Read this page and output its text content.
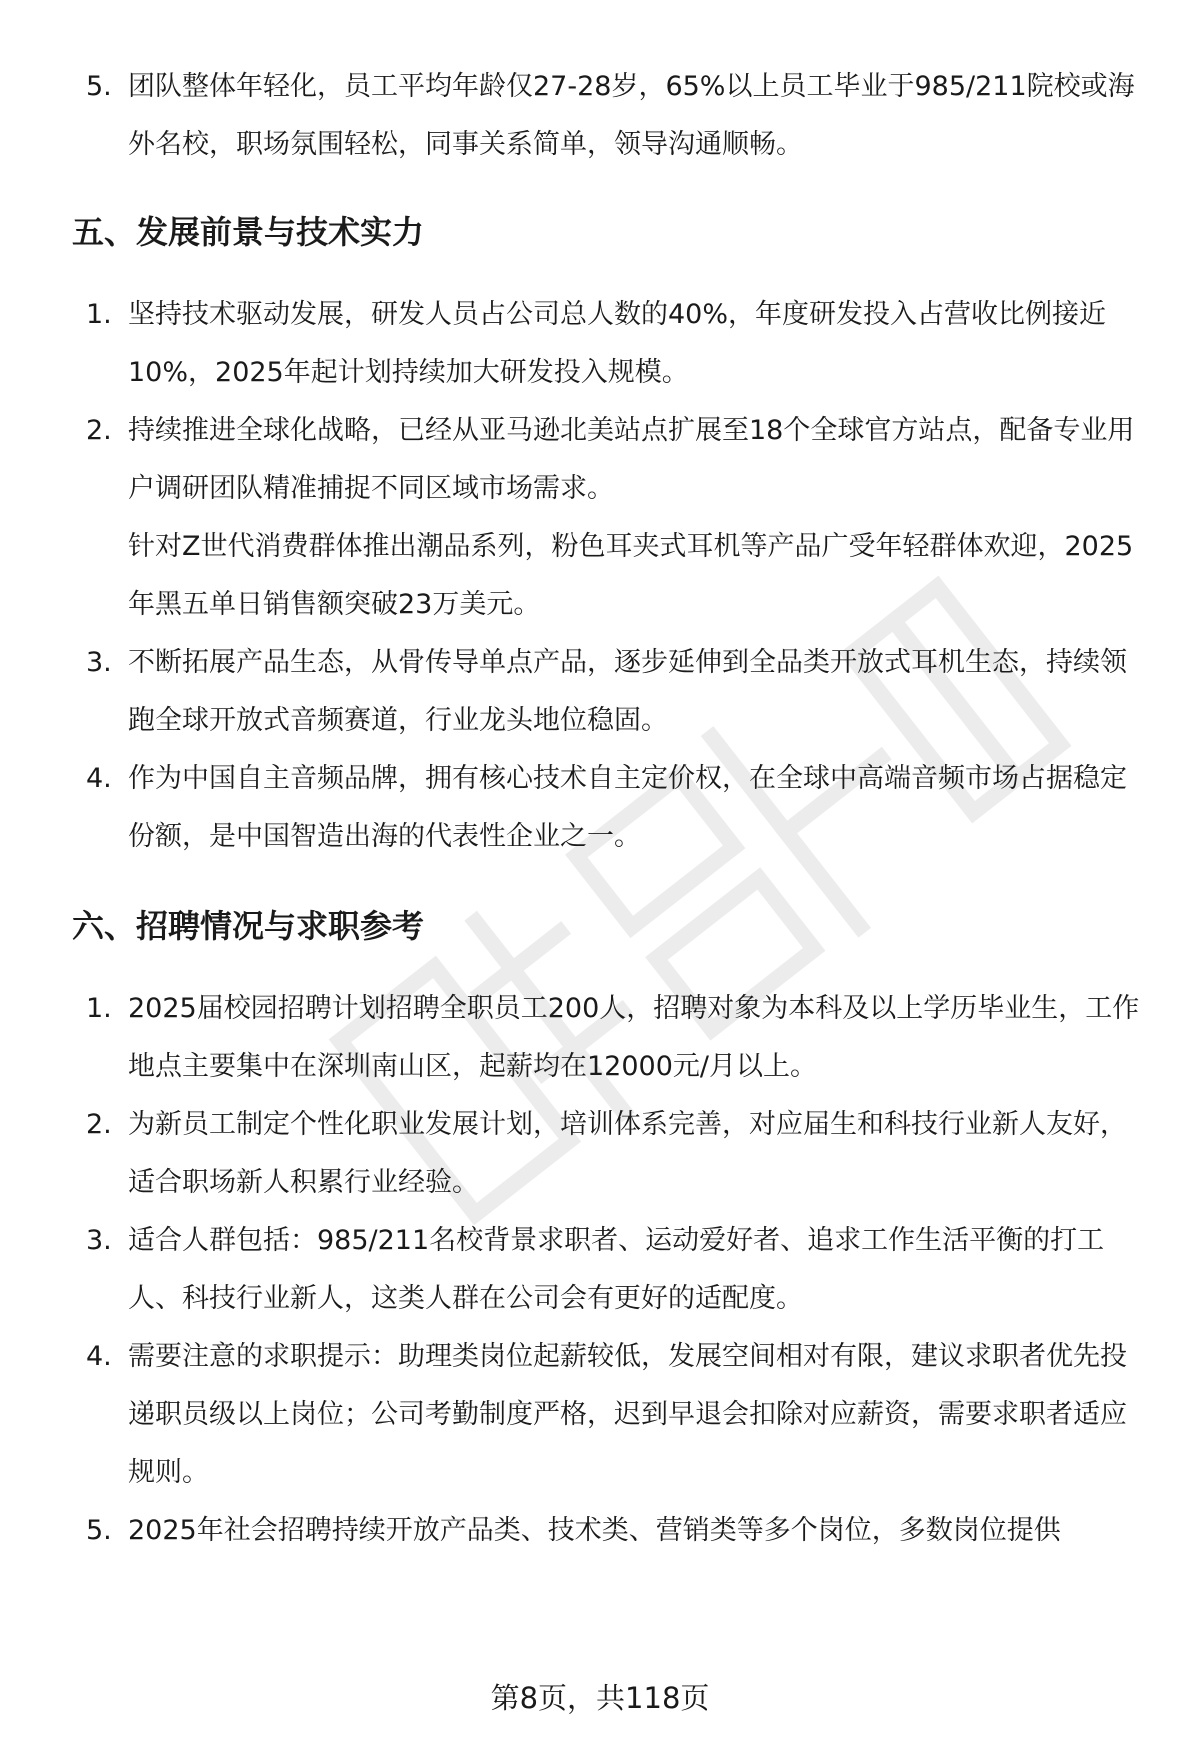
5. 团队整体年轻化，员工平均年龄仅27-28岁，65%以上员工毕业于985/211院校或海外名校，职场氛围轻松，同事关系简单，领导沟通顺畅。
五、发展前景与技术实力
1. 坚持技术驱动发展，研发人员占公司总人数的40%，年度研发投入占营收比例接近10%，2025年起计划持续加大研发投入规模。
2. 持续推进全球化战略，已经从亚马逊北美站点扩展至18个全球官方站点，配备专业用户调研团队精准捕捉不同区域市场需求。
针对Z世代消费群体推出潮品系列，粉色耳夹式耳机等产品广受年轻群体欢迎，2025年黑五单日销售额突破23万美元。
3. 不断拓展产品生态，从骨传导单点产品，逐步延伸到全品类开放式耳机生态，持续领跑全球开放式音频赛道，行业龙头地位稳固。
4. 作为中国自主音频品牌，拥有核心技术自主定价权，在全球中高端音频市场占据稳定份额，是中国智造出海的代表性企业之一。
六、招聘情况与求职参考
1. 2025届校园招聘计划招聘全职员工200人，招聘对象为本科及以上学历毕业生，工作地点主要集中在深圳南山区，起薪均在12000元/月以上。
2. 为新员工制定个性化职业发展计划，培训体系完善，对应届生和科技行业新人友好，适合职场新人积累行业经验。
3. 适合人群包括：985/211名校背景求职者、运动爱好者、追求工作生活平衡的打工人、科技行业新人，这类人群在公司会有更好的适配度。
4. 需要注意的求职提示：助理类岗位起薪较低，发展空间相对有限，建议求职者优先投递职员级以上岗位；公司考勤制度严格，迟到早退会扣除对应薪资，需要求职者适应规则。
5. 2025年社会招聘持续开放产品类、技术类、营销类等多个岗位，多数岗位提供
第8页，共118页
